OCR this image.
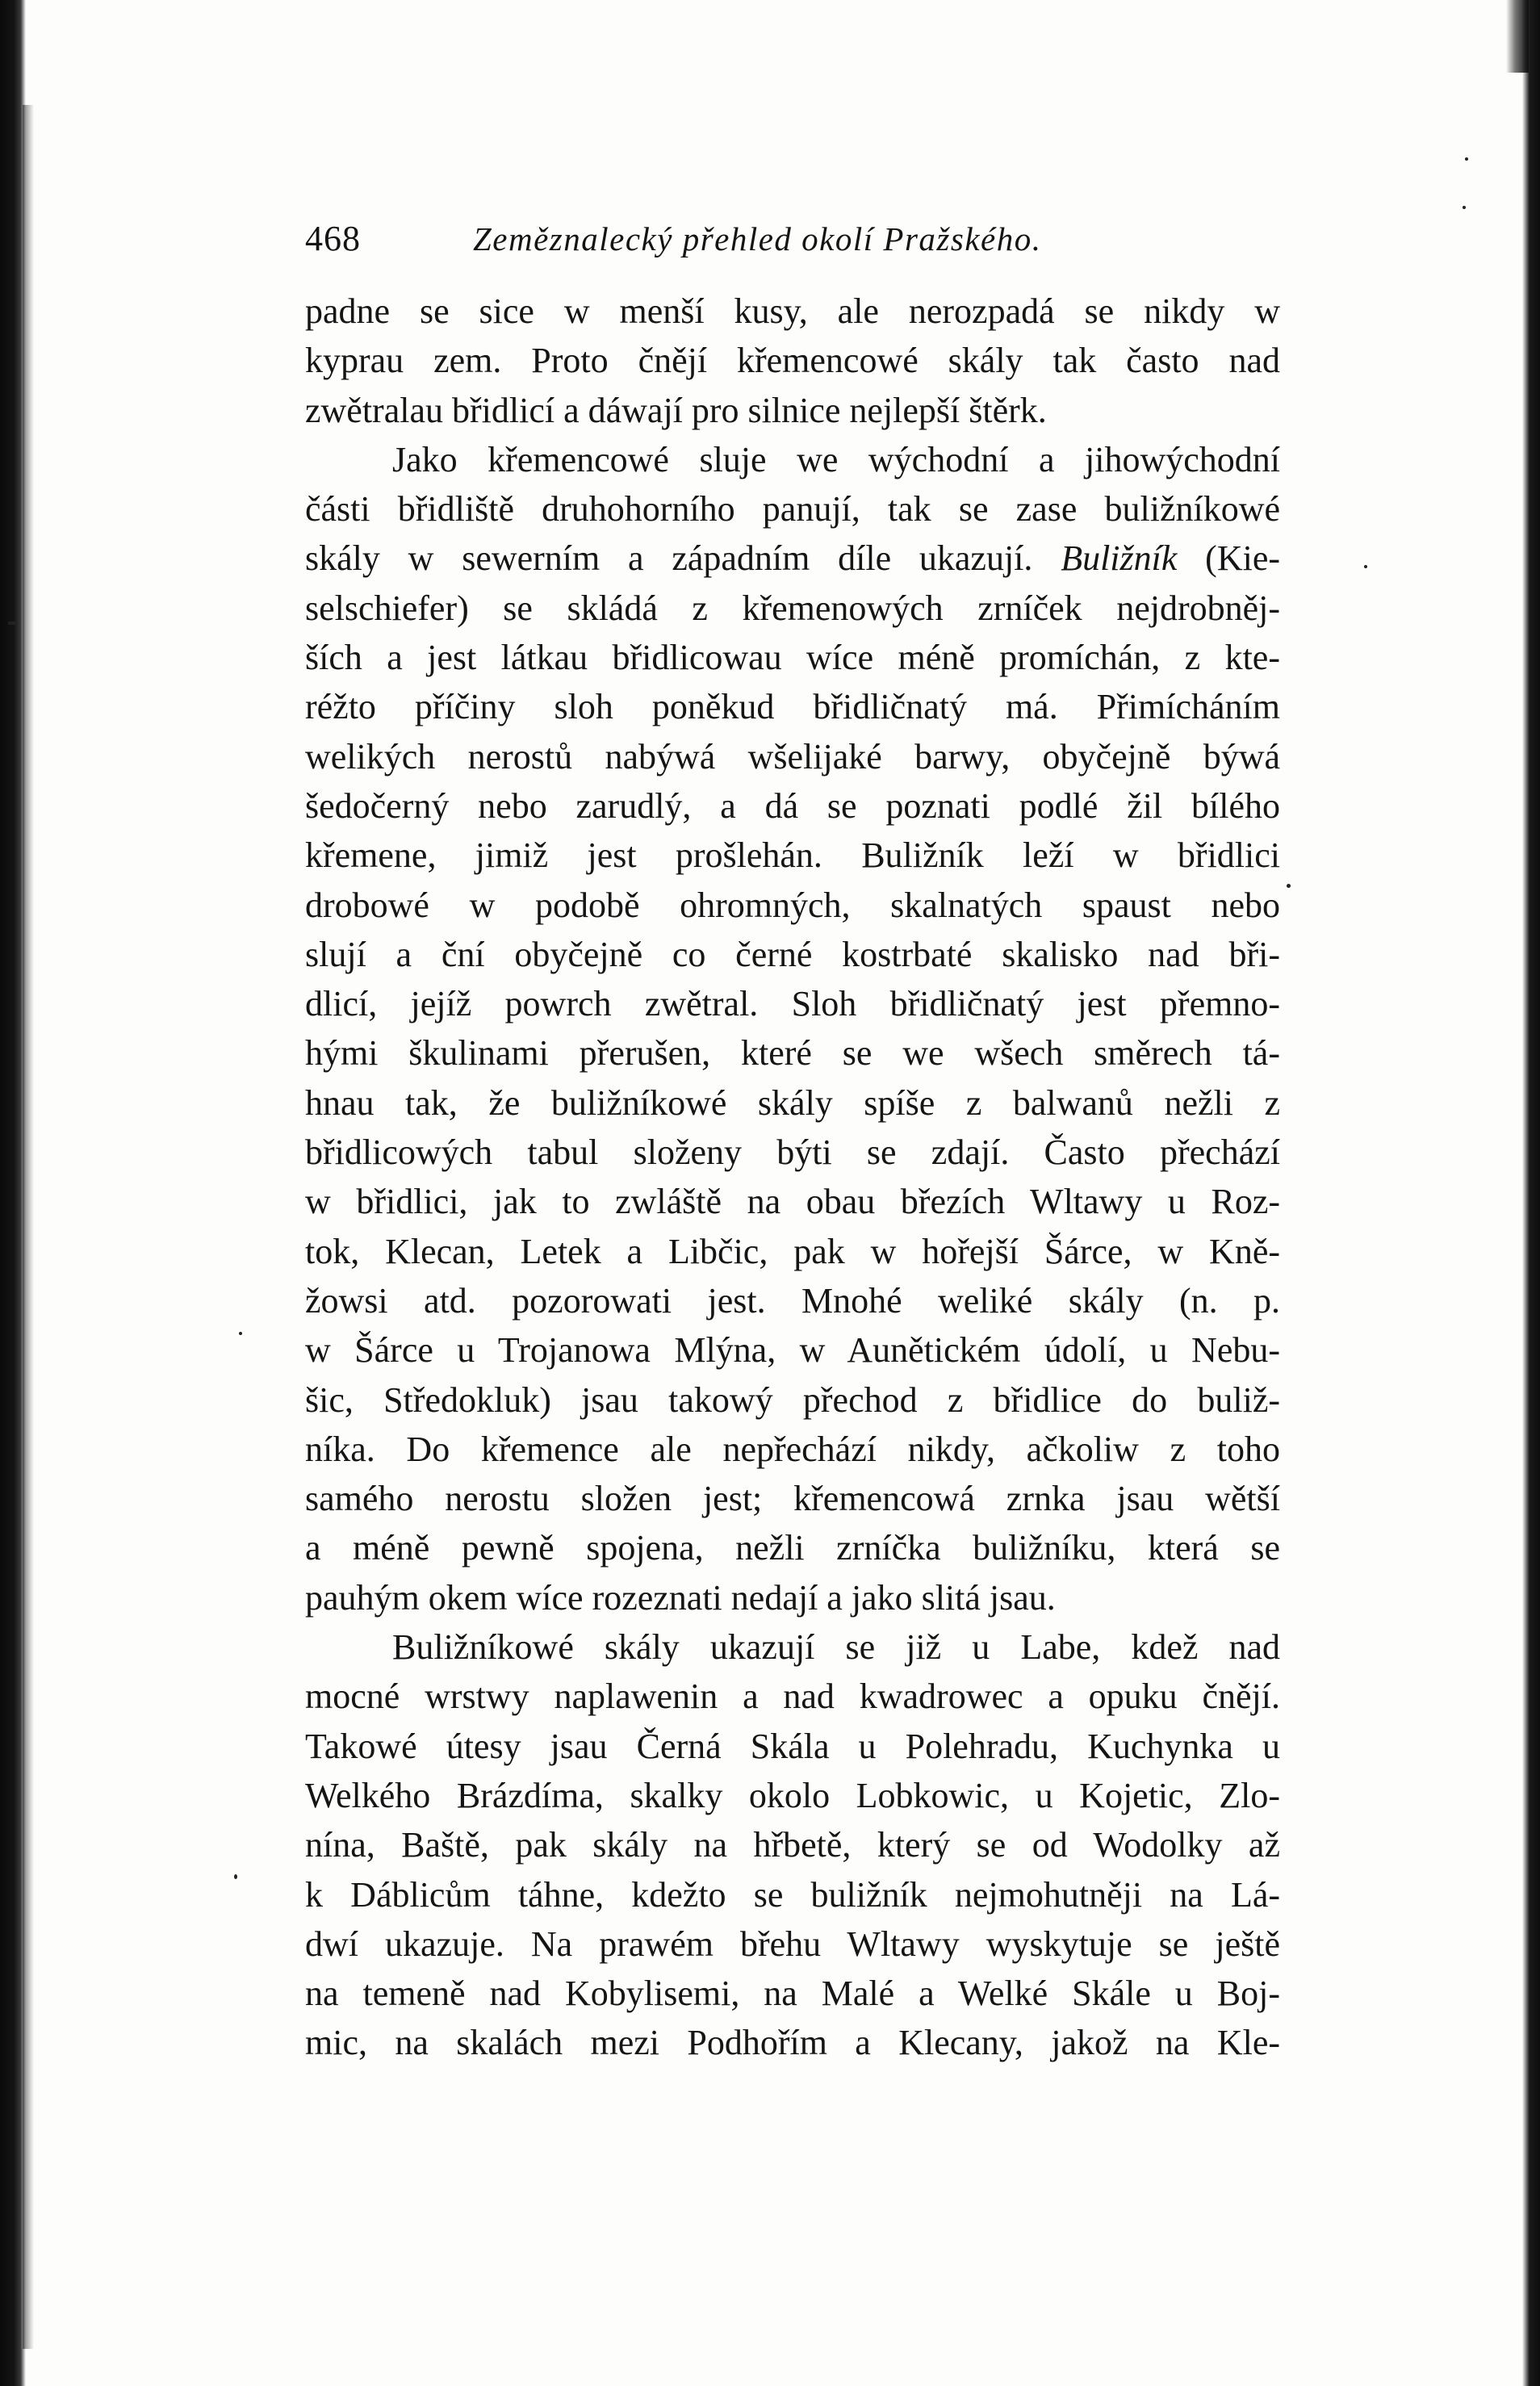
468	Zeměznalecký přehled okolí Pražského.
padne se sice w menší kusy, ale nerozpadá se nikdy w
kyprau zem. Proto čnějí křemencowé skály tak často nad
zwětralau břidlicí a dáwají pro silnice nejlepší štěrk.
Jako křemencowé sluje we wýchodní a jihowýchodní
části břidliště druhohorního panují, tak se zase buližníkowé
skály w sewerním a západním díle ukazují. Buližník (Kie-
selschiefer) se skládá z křemenowých zrníček nejdrobněj-
ších a jest látkau břidlicowau wíce méně promíchán, z kte-
réžto příčiny sloh poněkud břidličnatý má. Přimícháním
welikých nerostů nabýwá wšelijaké barwy, obyčejně býwá
šedočerný nebo zarudlý, a dá se poznati podlé žil bílého
křemene, jimiž jest prošlehán. Buližník leží w břidlici
drobowé w podobě ohromných, skalnatých spaust nebo
slují a ční obyčejně co černé kostrbaté skalisko nad bři-
dlicí, jejíž powrch zwětral. Sloh břidličnatý jest přemno-
hými škulinami přerušen, které se we wšech směrech tá-
hnau tak, že buližníkowé skály spíše z balwanů nežli z
břidlicowých tabul složeny býti se zdají. Často přechází
w břidlici, jak to zwláště na obau březích Wltawy u Roz-
tok, Klecan, Letek a Libčic, pak w hořejší Šárce, w Kně-
žowsi atd. pozorowati jest. Mnohé weliké skály (n. p.
w Šárce u Trojanowa Mlýna, w Aunětickém údolí, u Nebu-
šic, Středokluk) jsau takowý přechod z břidlice do buliž-
níka. Do křemence ale nepřechází nikdy, ačkoliw z toho
samého nerostu složen jest; křemencowá zrnka jsau wětší
a méně pewně spojena, nežli zrníčka buližníku, která se
pauhým okem wíce rozeznati nedají a jako slitá jsau.
Buližníkowé skály ukazují se již u Labe, kdež nad
mocné wrstwy naplawenin a nad kwadrowec a opuku čnějí.
Takowé útesy jsau Černá Skála u Polehradu, Kuchynka u
Welkého Brázdíma, skalky okolo Lobkowic, u Kojetic, Zlo-
nína, Baště, pak skály na hřbetě, který se od Wodolky až
k Dáblicům táhne, kdežto se buližník nejmohutněji na Lá-
dwí ukazuje. Na prawém břehu Wltawy wyskytuje se ještě
na temeně nad Kobylisemi, na Malé a Welké Skále u Boj-
mic, na skalách mezi Podhořím a Klecany, jakož na Kle-
